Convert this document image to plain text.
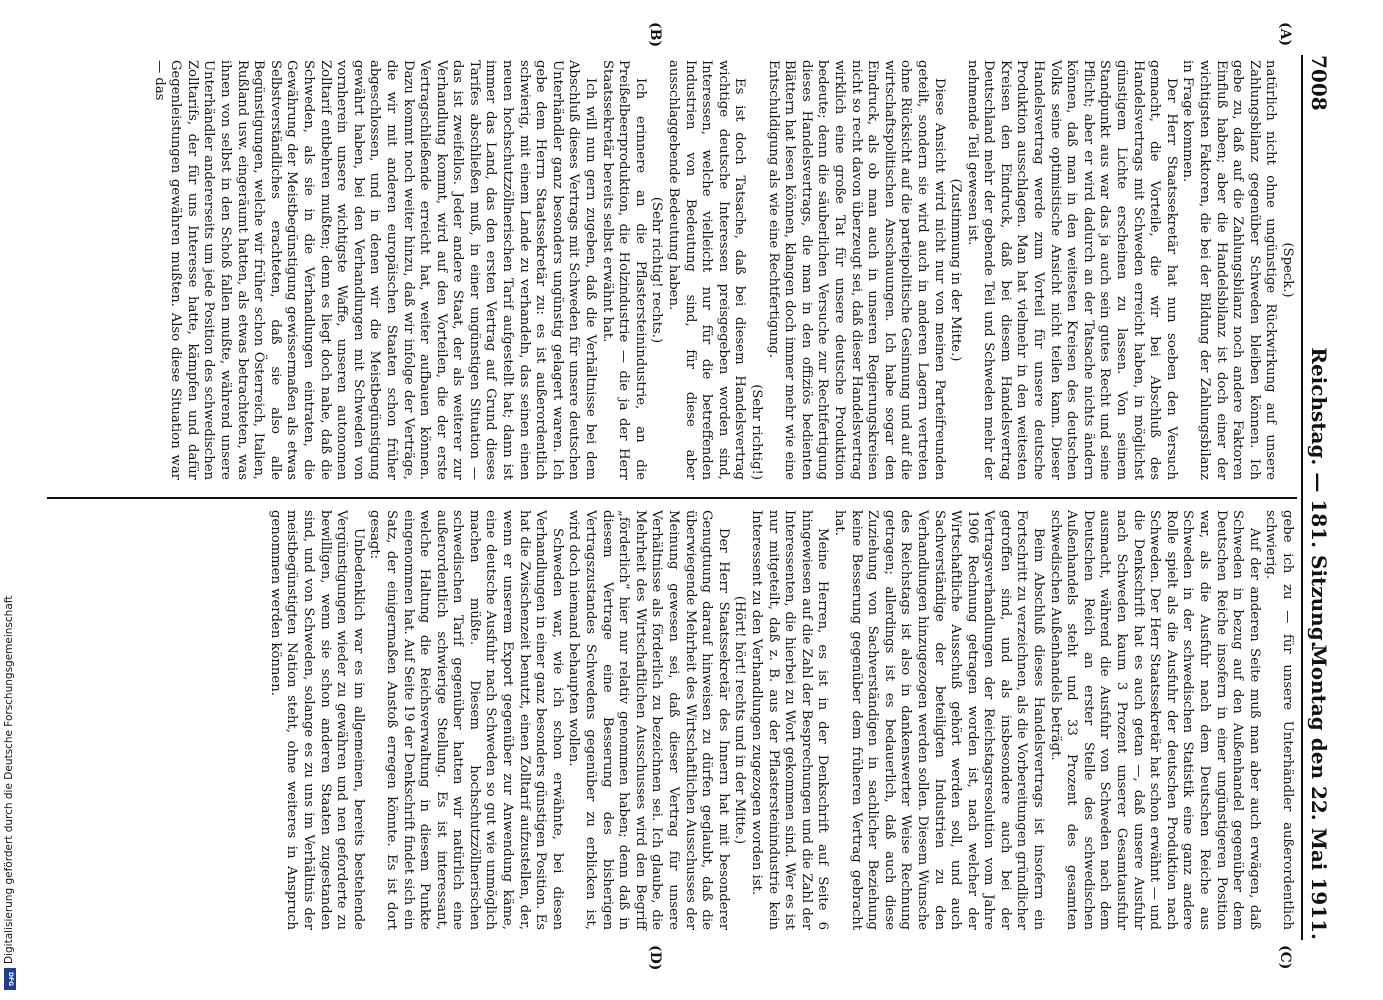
7008
Reichstag. — 181. Sitzung.
Montag den 22. Mai 1911.
(A)
(B)
(C)
(D)

(Speck.)

natürlich nicht ohne ungünstige Rückwirkung auf unsere Zahlungsbilanz gegenüber Schweden bleiben können. Ich gebe zu, daß auf die Zahlungsbilanz noch andere Faktoren Einfluß haben; aber die Handelsbilanz ist doch einer der wichtigsten Faktoren, die bei der Bildung der Zahlungsbilanz in Frage kommen.

Der Herr Staatssekretär hat nun soeben den Versuch gemacht, die Vorteile, die wir bei Abschluß des Handelsvertrags mit Schweden erreicht haben, in möglichst günstigem Lichte erscheinen zu lassen. Von seinem Standpunkt aus war das ja auch sein gutes Recht und seine Pflicht; aber er wird dadurch an der Tatsache nichts ändern können, daß man in den weitesten Kreisen des deutschen Volks seine optimistische Ansicht nicht teilen kann. Dieser Handelsvertrag werde zum Vorteil für unsere deutsche Produktion ausschlagen. Man hat vielmehr in den weitesten Kreisen den Eindruck, daß bei diesem Handelsvertrag Deutschland mehr der gebende Teil und Schweden mehr der nehmende Teil gewesen ist.

(Zustimmung in der Mitte.)

Diese Ansicht wird nicht nur von meinen Parteifreunden geteilt, sondern sie wird auch in anderen Lagern vertreten ohne Rücksicht auf die parteipolitische Gesinnung und auf die wirtschaftspolitischen Anschauungen. Ich habe sogar den Eindruck, als ob man auch in unseren Regierungskreisen nicht so recht davon überzeugt sei, daß dieser Handelsvertrag wirklich eine große Tat für unsere deutsche Produktion bedeute; denn die säuberlichen Versuche zur Rechtfertigung dieses Handelsvertrags, die man in den offiziös bedienten Blättern hat lesen können, klangen doch immer mehr wie eine Entschuldigung als wie eine Rechtfertigung.

(Sehr richtig!)

Es ist doch Tatsache, daß bei diesem Handelsvertrag wichtige deutsche Interessen preisgegeben worden sind, Interessen, welche vielleicht nur für die betreffenden Industrien von Bedeutung sind, für diese aber ausschlaggebende Bedeutung haben.

(Sehr richtig! rechts.)

Ich erinnere an die Pflastersteinindustrie, an die Preißelbeerproduktion, die Holzindustrie — die ja der Herr Staatssekretär bereits selbst erwähnt hat.

Ich will nun gern zugeben, daß die Verhältnisse bei dem Abschluß dieses Vertrags mit Schweden für unsere deutschen Unterhändler ganz besonders ungünstig gelagert waren. Ich gebe dem Herrn Staatssekretär zu: es ist außerordentlich schwierig, mit einem Lande zu verhandeln, das seinen einen neuen hochschutzzöllnerischen Tarif aufgestellt hat; dann ist immer das Land, das den ersten Vertrag auf Grund dieses Tarifes abschließen muß, in einer ungünstigen Situation — das ist zweifellos. Jeder andere Staat, der als weiterer zur Verhandlung kommt, wird auf den Vorteilen, die der erste Vertragschließende erreicht hat, weiter aufbauen können. Dazu kommt noch weiter hinzu, daß wir infolge der Verträge, die wir mit anderen europäischen Staaten schon früher abgeschlossen, und in denen wir die Meistbegünstigung gewährt haben, bei den Verhandlungen mit Schweden von vornherein unsere wichtigste Waffe, unseren autonomen Zolltarif entbehren mußten; denn es liegt doch nahe, daß die Schweden, als sie in die Verhandlungen eintraten, die Gewährung der Meistbegünstigung gewissermaßen als etwas Selbstverständliches erachteten, daß sie also alle Begünstigungen, welche wir früher schon Österreich, Italien, Rußland usw. eingeräumt hatten, als etwas betrachteten, was ihnen von selbst in den Schoß fallen mußte, während unsere Unterhändler andererseits um jede Position des schwedischen Zolltarifs, der für uns Interesse hatte, kämpfen und dafür Gegenleistungen gewähren mußten. Also diese Situation war — das

gebe ich zu — für unsere Unterhändler außerordentlich schwierig.

Auf der anderen Seite muß man aber auch erwägen, daß Schweden in bezug auf den Außenhandel gegenüber dem Deutschen Reiche insofern in einer ungünstigeren Position war, als die Ausfuhr nach dem Deutschen Reiche aus Schweden in der schwedischen Statistik eine ganz andere Rolle spielt als die Ausfuhr der deutschen Produktion nach Schweden. Der Herr Staatssekretär hat schon erwähnt — und die Denkschrift hat es auch getan —, daß unsere Ausfuhr nach Schweden kaum 3 Prozent unserer Gesamtausfuhr ausmacht, während die Ausfuhr von Schweden nach dem Deutschen Reich an erster Stelle des schwedischen Außenhandels steht und 33 Prozent des gesamten schwedischen Außenhandels beträgt.

Beim Abschluß dieses Handelsvertrags ist insofern ein Fortschritt zu verzeichnen, als die Vorbereitungen gründlicher getroffen sind, und als insbesondere auch bei der Vertragsverhandlungen der Reichstagsresolution vom Jahre 1906 Rechnung getragen worden ist, nach welcher der Wirtschaftliche Ausschuß gehört werden soll, und auch Sachverständige der beteiligten Industrien zu den Verhandlungen hinzugezogen werden sollen. Diesem Wunsche des Reichstags ist also in dankenswerter Weise Rechnung getragen; allerdings ist es bedauerlich, daß auch diese Zuziehung von Sachverständigen in sachlicher Beziehung keine Besserung gegenüber dem früheren Vertrag gebracht hat.

Meine Herren, es ist in der Denkschrift auf Seite 6 hingewiesen auf die Zahl der Besprechungen und die Zahl der Interessenten, die hierbei zu Wort gekommen sind. Wer es ist nur mitgeteilt, daß z. B. aus der Pflastersteinindustrie kein Interessent zu den Verhandlungen zugezogen worden ist.

(Hört! hört! rechts und in der Mitte.)

Der Herr Staatssekretär des Innern hat mit besonderer Genugtuung darauf hinweisen zu dürfen geglaubt, daß die überwiegende Mehrheit des Wirtschaftlichen Ausschusses der Meinung gewesen sei, daß dieser Vertrag für unsere Verhältnisse als förderlich zu bezeichnen sei. Ich glaube, die Mehrheit des Wirtschaftlichen Ausschusses wird den Begriff „förderlich“ hier nur relativ genommen haben; denn daß in diesem Vertrage eine Besserung des bisherigen Vertragszustandes Schwedens gegenüber zu erblicken ist, wird doch niemand behaupten wollen.

Schweden war, wie ich schon erwähnte, bei diesen Verhandlungen in einer ganz besonders günstigen Position. Es hat die Zwischenzeit benutzt, einen Zolltarif aufzustellen, der, wenn er unserem Export gegenüber zur Anwendung käme, eine deutsche Ausfuhr nach Schweden so gut wie unmöglich machen müßte. Diesem hochschutzzöllnerischen schwedischen Tarif gegenüber hatten wir natürlich eine außerordentlich schwierige Stellung. Es ist interessant, welche Haltung die Reichsverwaltung in diesem Punkte eingenommen hat. Auf Seite 19 der Denkschrift findet sich ein Satz, der einigermaßen Anstoß erregen könnte. Es ist dort gesagt:

Unbedenklich war es im allgemeinen, bereits bestehende Vergünstigungen wieder zu gewähren und nen geforderte zu bewilligen, wenn sie schon anderen Staaten zugestanden sind, und von Schweden, solange es zu uns im Verhältnis der meistbegünstigten Nation steht, ohne weiteres in Anspruch genommen werden können.

Digitalisierung gefördert durch die Deutsche Forschungsgemeinschaft
DFG
